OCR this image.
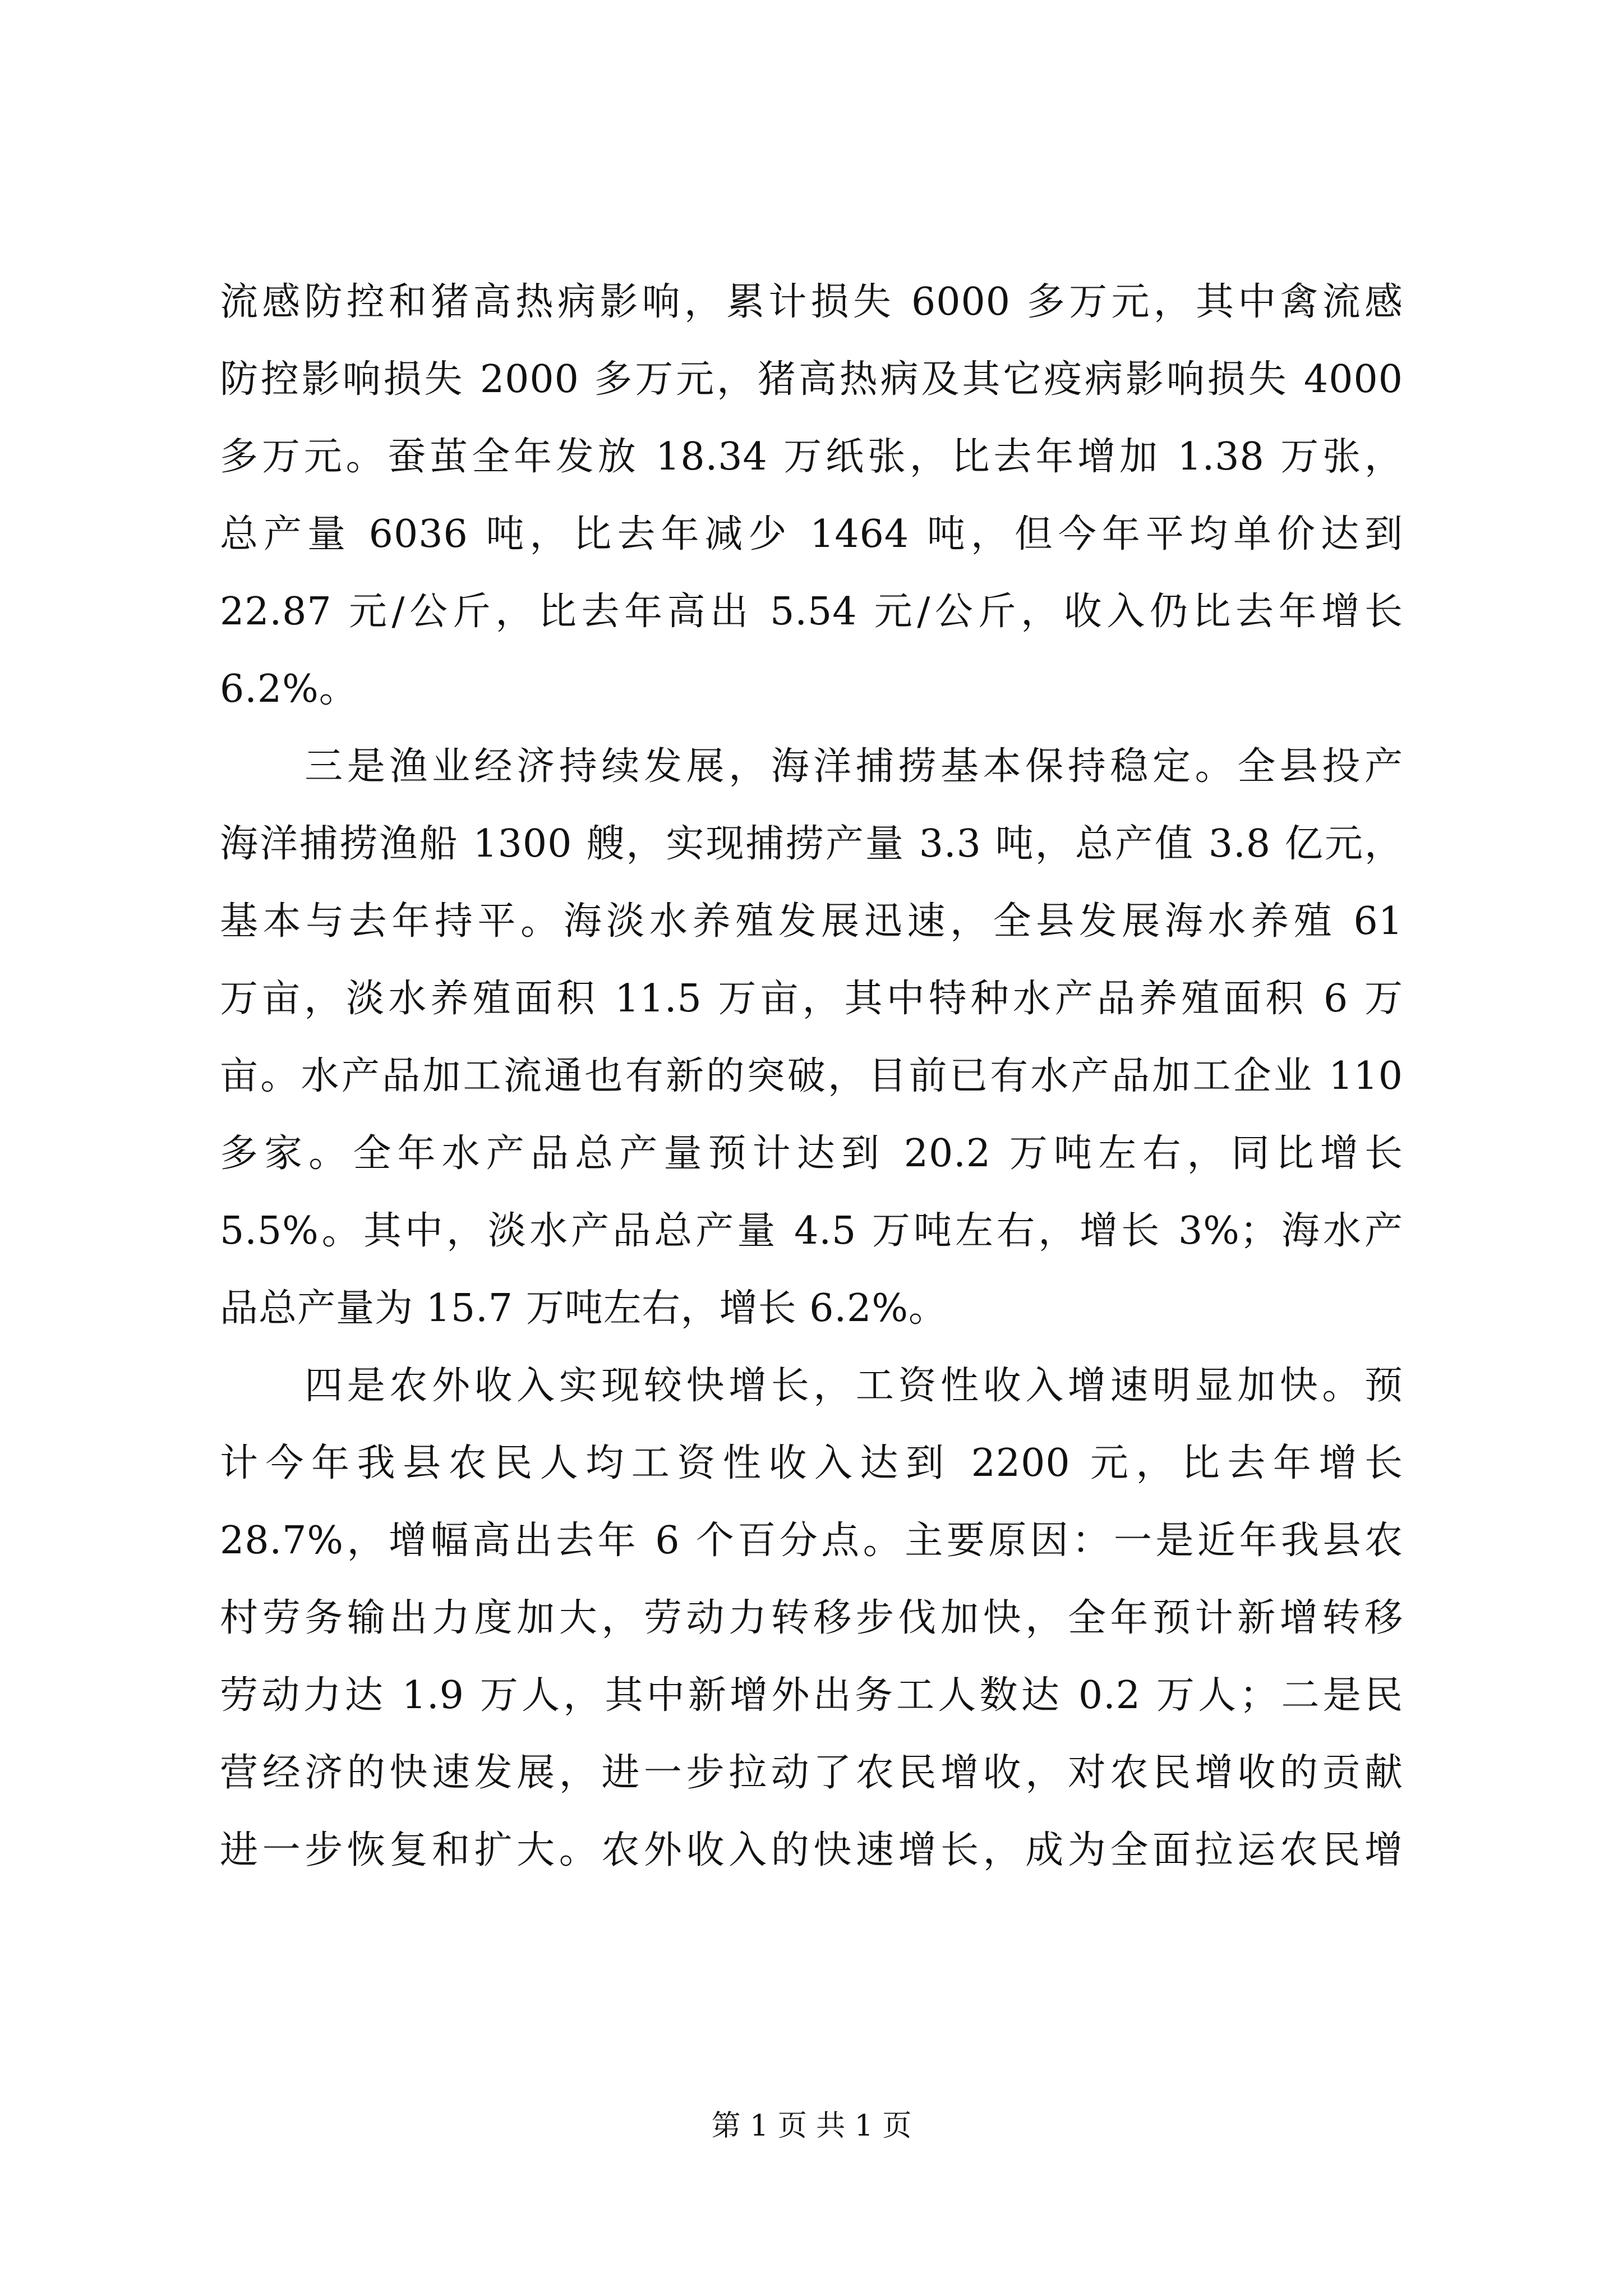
流感防控和猪高热病影响，累计损失 6000 多万元，其中禽流感
防控影响损失 2000 多万元，猪高热病及其它疫病影响损失 4000
多万元。蚕茧全年发放 18.34 万纸张，比去年增加 1.38 万张，
总产量 6036 吨，比去年减少 1464 吨，但今年平均单价达到
22.87 元/公斤，比去年高出 5.54 元/公斤，收入仍比去年增长
6.2%。
　　三是渔业经济持续发展，海洋捕捞基本保持稳定。全县投产
海洋捕捞渔船 1300 艘，实现捕捞产量 3.3 吨，总产值 3.8 亿元，
基本与去年持平。海淡水养殖发展迅速，全县发展海水养殖 61
万亩，淡水养殖面积 11.5 万亩，其中特种水产品养殖面积 6 万
亩。水产品加工流通也有新的突破，目前已有水产品加工企业 110
多家。全年水产品总产量预计达到 20.2 万吨左右，同比增长
5.5%。其中，淡水产品总产量 4.5 万吨左右，增长 3%；海水产
品总产量为 15.7 万吨左右，增长 6.2%。
　　四是农外收入实现较快增长，工资性收入增速明显加快。预
计今年我县农民人均工资性收入达到 2200 元，比去年增长
28.7%，增幅高出去年 6 个百分点。主要原因：一是近年我县农
村劳务输出力度加大，劳动力转移步伐加快，全年预计新增转移
劳动力达 1.9 万人，其中新增外出务工人数达 0.2 万人；二是民
营经济的快速发展，进一步拉动了农民增收，对农民增收的贡献
进一步恢复和扩大。农外收入的快速增长，成为全面拉运农民增
第 1 页 共 1 页
